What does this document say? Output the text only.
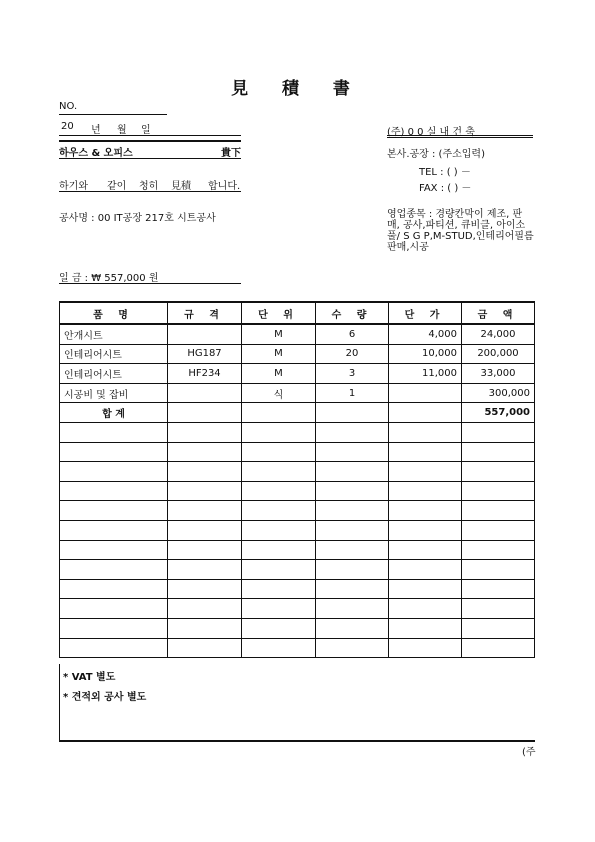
見 積 書
NO.
20 년 월 일
하우스 & 오피스	貴下
하기와 같이 청히 見積 합니다.
공사명 : 00 IT공장 217호 시트공사
일 금 : ₩ 557,000 원
(주) 0 0 실 내 건 축
본사.공장 : (주소입력)
TEL : ( ) －
FAX : ( ) －
영업종목 : 경량칸막이 제조, 판매, 공사,파티션, 큐비클, 아이소풀/ S G P,M-STUD,인테리어필름 판매,시공
품 명	규 격	단 위	수 량	단 가	금 액
안개시트		M	6	4,000	24,000
인테리어시트	HG187	M	20	10,000	200,000
인테리어시트	HF234	M	3	11,000	33,000
시공비 및 잡비		식	1		300,000
합 계					557,000

* VAT 별도
* 견적외 공사 별도
(주
